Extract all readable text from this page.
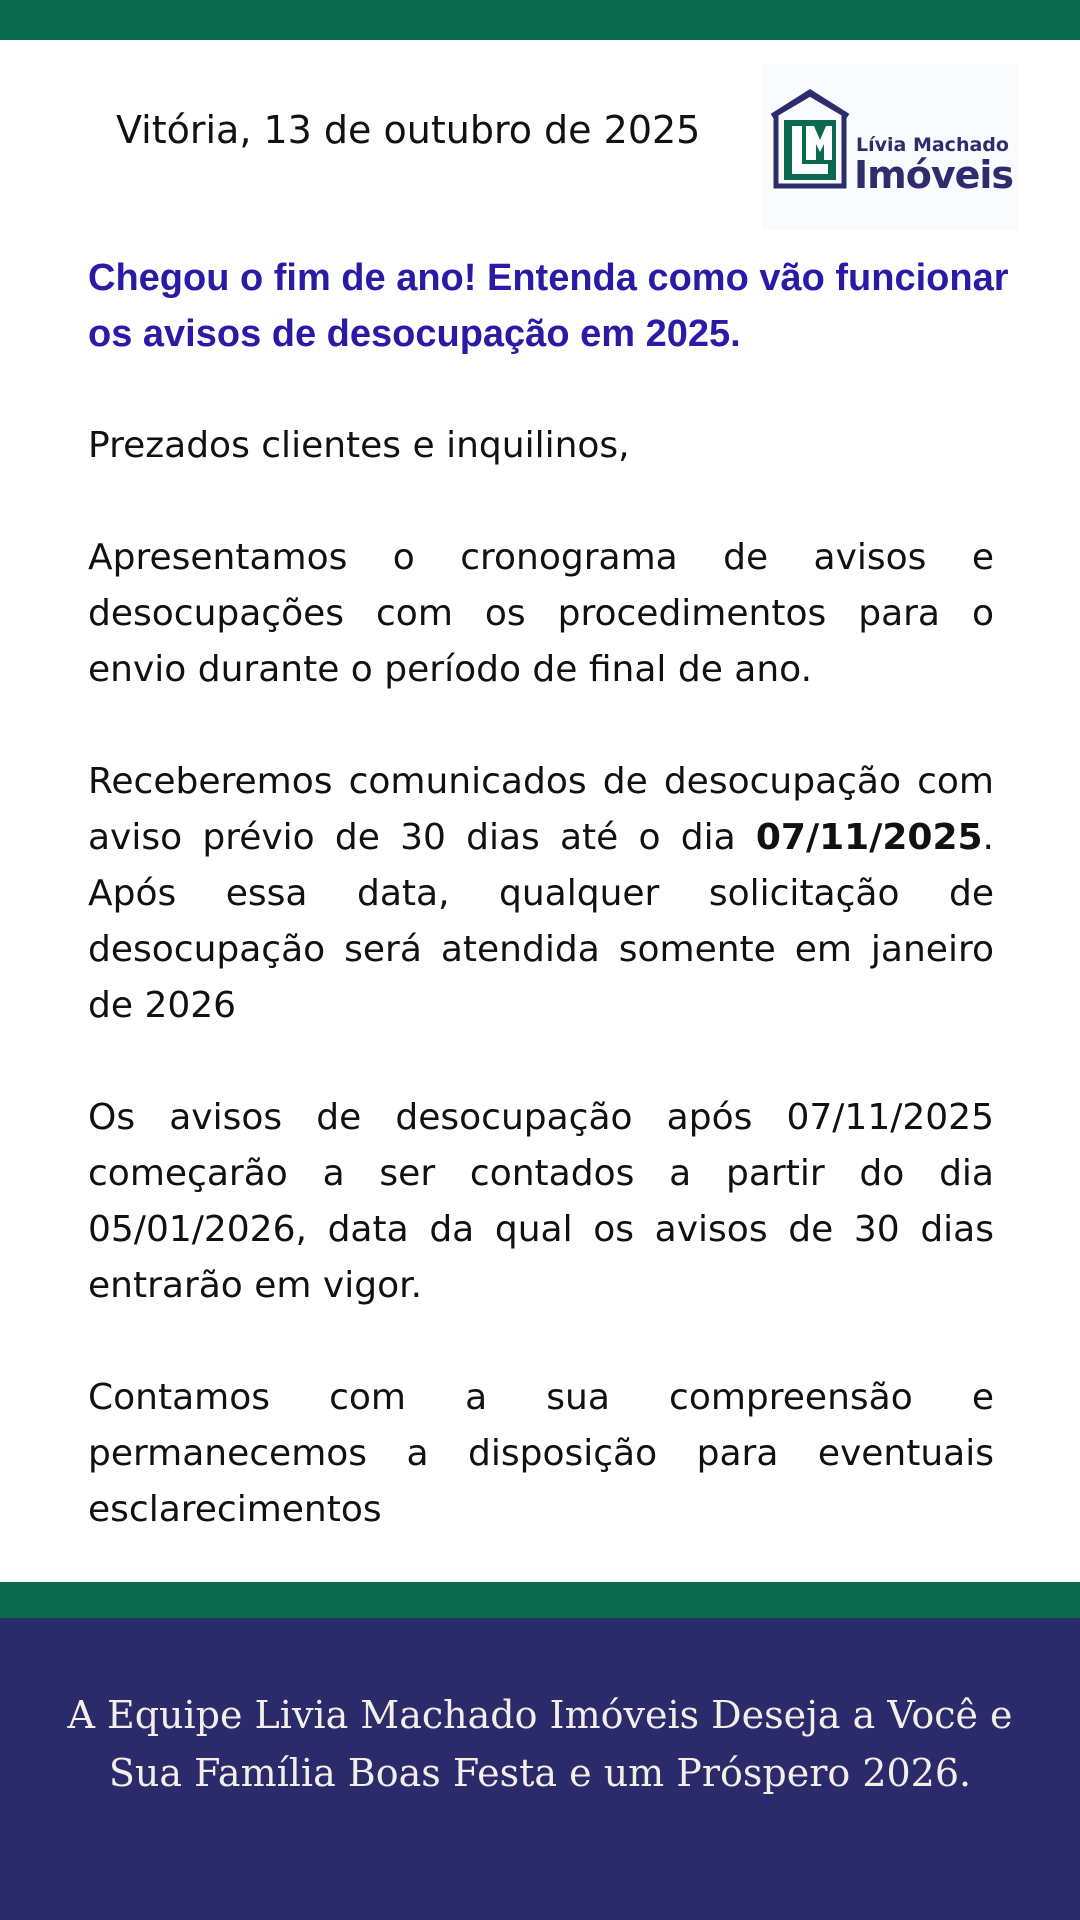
Vitória, 13 de outubro de 2025	Lívia Machado
Imóveis
Chegou o fim de ano! Entenda como vão funcionar os avisos de desocupação em 2025.

Prezados clientes e inquilinos,

Apresentamos o cronograma de avisos e desocupações com os procedimentos para o envio durante o período de final de ano.

Receberemos comunicados de desocupação com aviso prévio de 30 dias até o dia 07/11/2025. Após essa data, qualquer solicitação de desocupação será atendida somente em janeiro de 2026

Os avisos de desocupação após 07/11/2025 começarão a ser contados a partir do dia 05/01/2026, data da qual os avisos de 30 dias entrarão em vigor.

Contamos com a sua compreensão e permanecemos a disposição para eventuais esclarecimentos

A Equipe Livia Machado Imóveis Deseja a Você e Sua Família Boas Festa e um Próspero 2026.
